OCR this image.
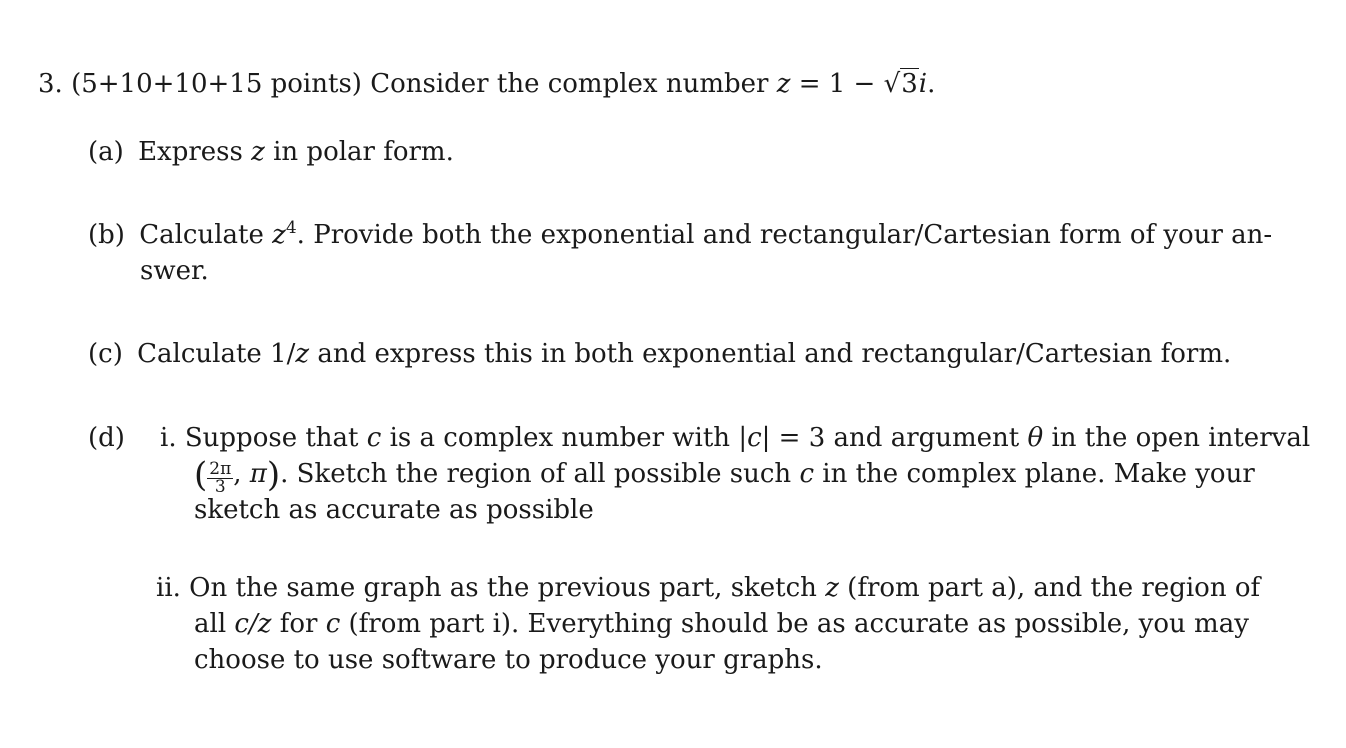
3. (5+10+10+15 points) Consider the complex number z = 1 − √3i.
(a) Express z in polar form.
(b) Calculate $z^4$. Provide both the exponential and rectangular/Cartesian form of your an-
swer.
(c) Calculate 1/z and express this in both exponential and rectangular/Cartesian form.
(d) i. Suppose that c is a complex number with |c| = 3 and argument θ in the open interval
( $\frac{2\pi}{3}$ , π). Sketch the region of all possible such c in the complex plane. Make your
sketch as accurate as possible
ii. On the same graph as the previous part, sketch z (from part a), and the region of
all c/z for c (from part i). Everything should be as accurate as possible, you may
choose to use software to produce your graphs.
